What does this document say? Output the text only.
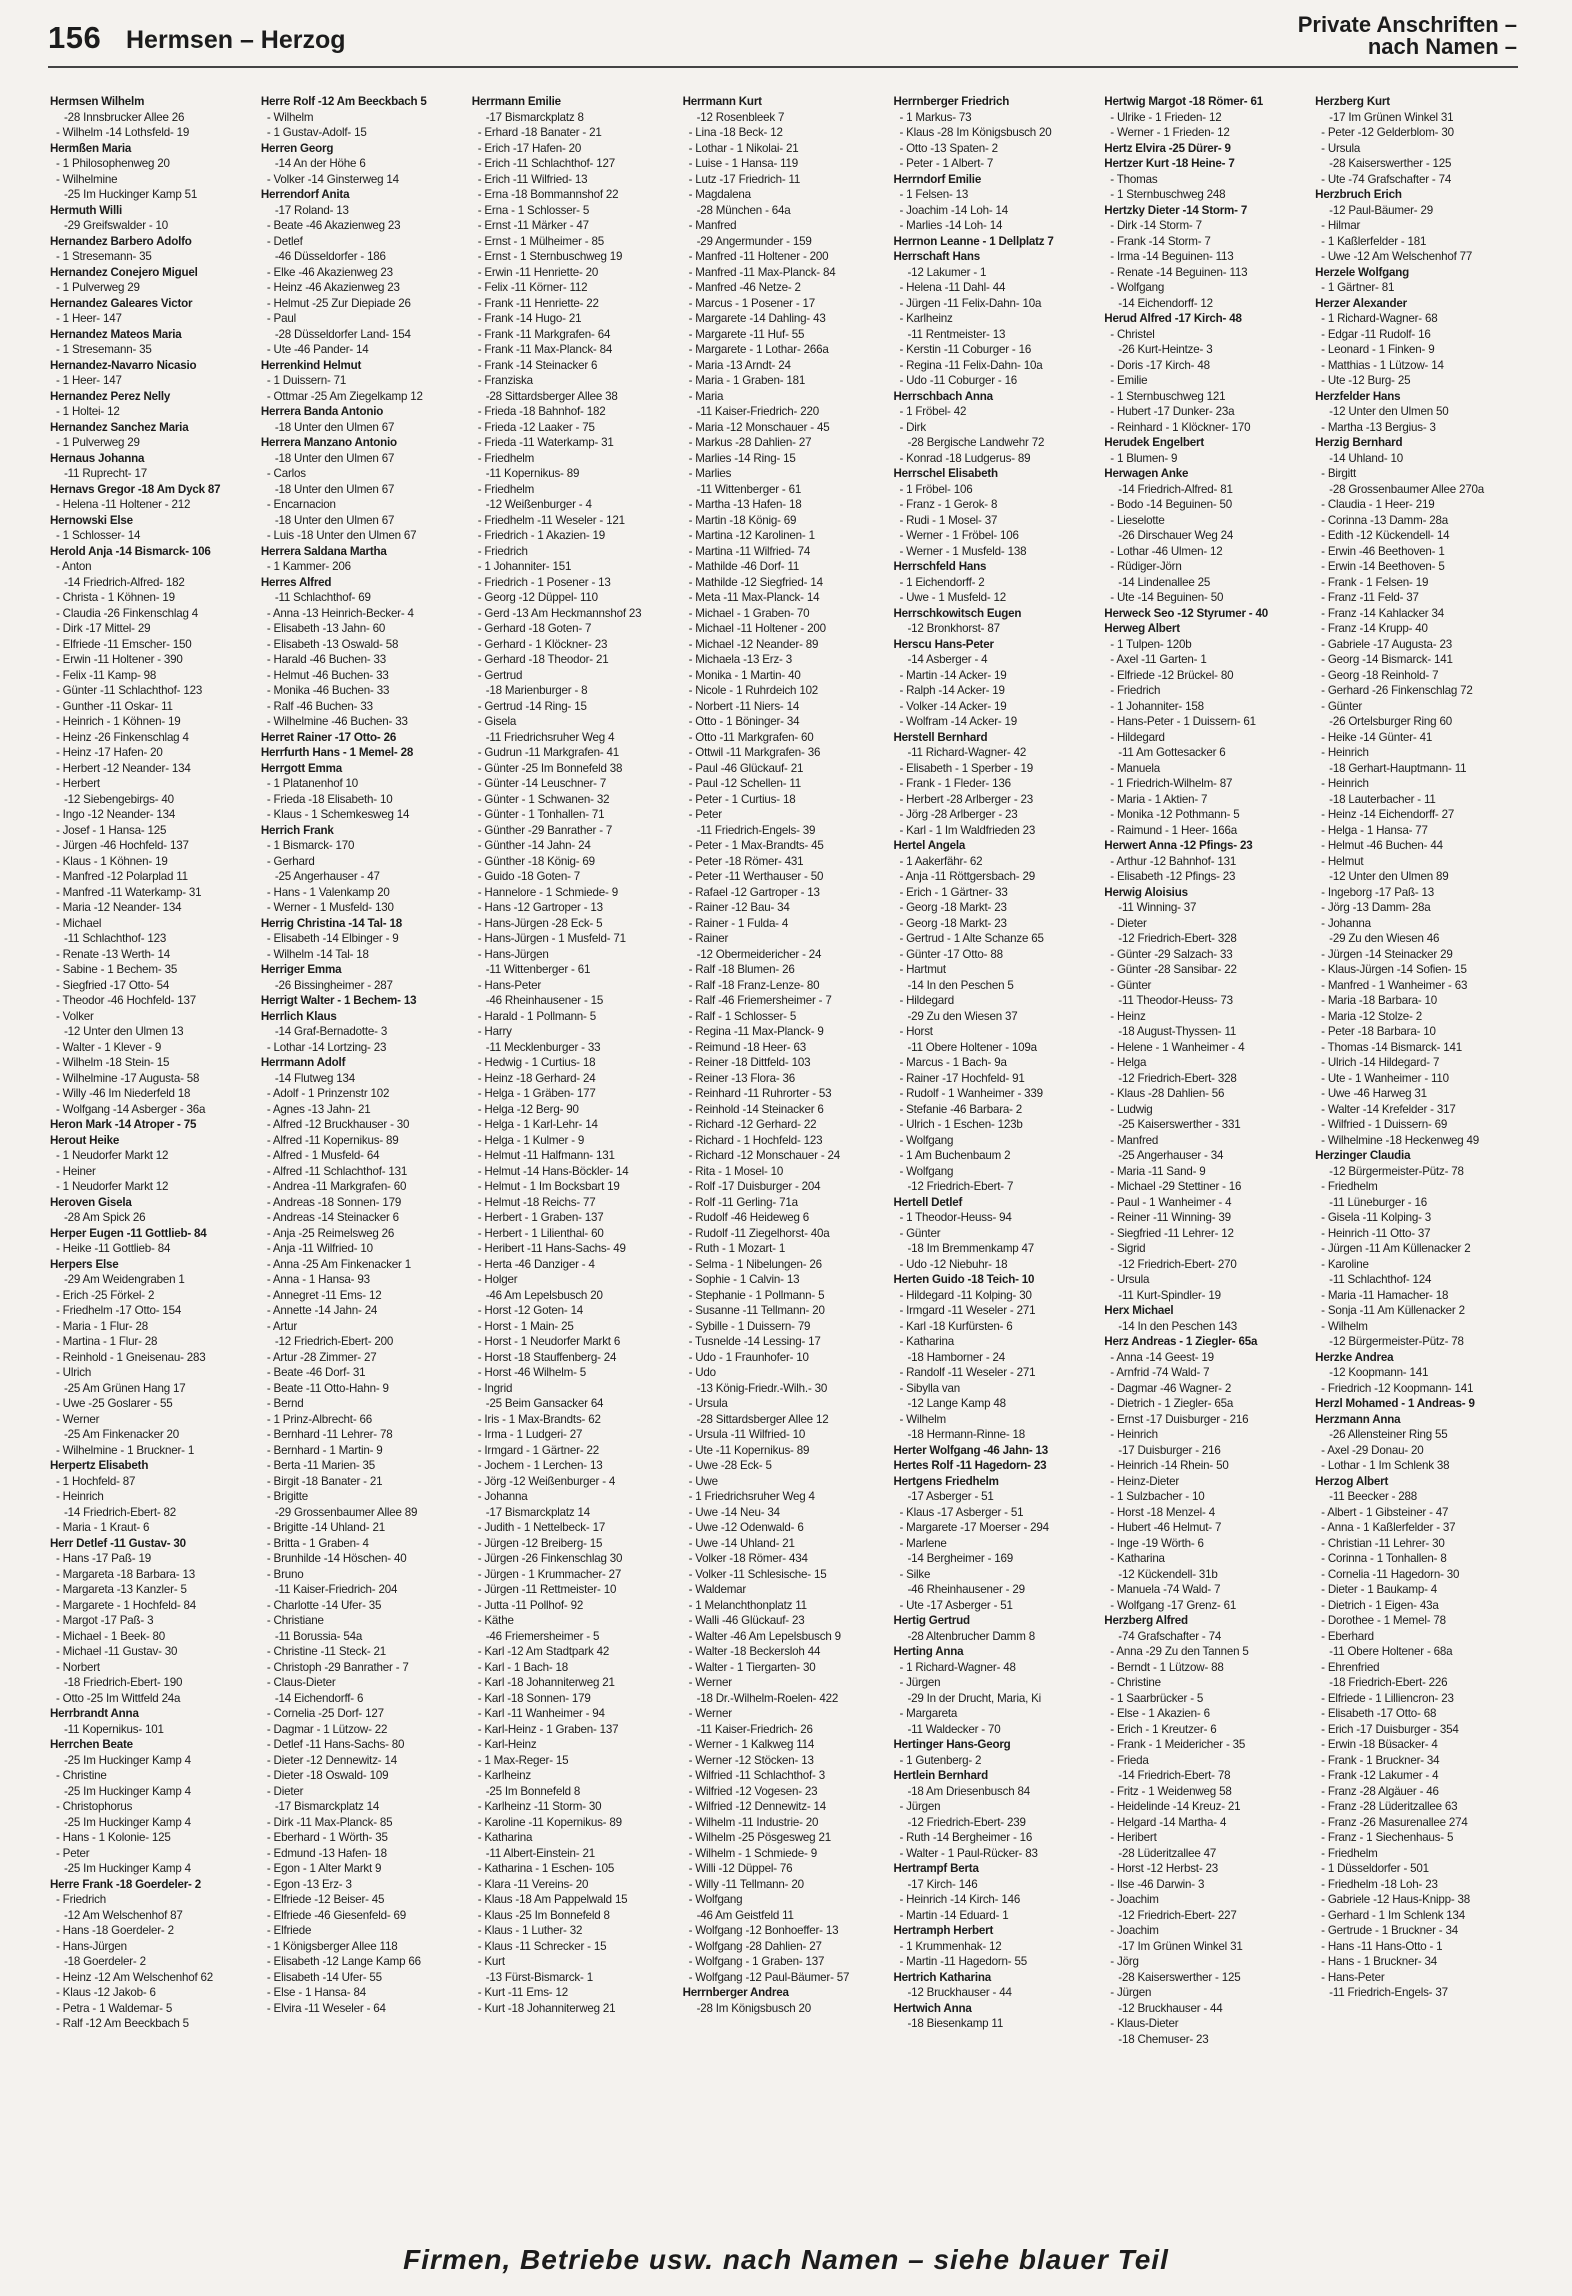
156 Hermsen – Herzog
Private Anschriften – nach Namen –
Hermsen Wilhelm
-28 Innsbrucker Allee 26
- Wilhelm -14 Lothsfeld- 19
Hermßen Maria
- 1 Philosophenweg 20
- Wilhelmine
-25 Im Huckinger Kamp 51
Hermuth Willi
-29 Greifswalder - 10
Hernandez Barbero Adolfo
- 1 Stresemann- 35
Hernandez Conejero Miguel
- 1 Pulverweg 29
Hernandez Galeares Victor
- 1 Heer- 147
Hernandez Mateos Maria
- 1 Stresemann- 35
Hernandez-Navarro Nicasio
- 1 Heer- 147
Hernandez Perez Nelly
- 1 Holtei- 12
Hernandez Sanchez Maria
- 1 Pulverweg 29
Hernaus Johanna
-11 Ruprecht- 17
Hernavs Gregor -18 Am Dyck 87
- Helena -11 Holtener - 212
Hernowski Else
- 1 Schlosser- 14
Herold Anja -14 Bismarck- 106
- Anton
-14 Friedrich-Alfred- 182
- Christa - 1 Köhnen- 19
- Claudia -26 Finkenschlag 4
- Dirk -17 Mittel- 29
- Elfriede -11 Emscher- 150
- Erwin -11 Holtener - 390
- Felix -11 Kamp- 98
- Günter -11 Schlachthof- 123
- Gunther -11 Oskar- 11
- Heinrich - 1 Köhnen- 19
- Heinz -26 Finkenschlag 4
- Heinz -17 Hafen- 20
- Herbert -12 Neander- 134
- Herbert
-12 Siebengebirgs- 40
- Ingo -12 Neander- 134
- Josef - 1 Hansa- 125
- Jürgen -46 Hochfeld- 137
- Klaus - 1 Köhnen- 19
- Manfred -12 Polarplad 11
- Manfred -11 Waterkamp- 31
- Maria -12 Neander- 134
- Michael
-11 Schlachthof- 123
- Renate -13 Werth- 14
- Sabine - 1 Bechem- 35
- Siegfried -17 Otto- 54
- Theodor -46 Hochfeld- 137
- Volker
-12 Unter den Ulmen 13
- Walter - 1 Klever - 9
- Wilhelm -18 Stein- 15
- Wilhelmine -17 Augusta- 58
- Willy -46 Im Niederfeld 18
- Wolfgang -14 Asberger - 36a
Heron Mark -14 Atroper - 75
Herout Heike
- 1 Neudorfer Markt 12
- Heiner
- 1 Neudorfer Markt 12
Heroven Gisela
-28 Am Spick 26
Herper Eugen -11 Gottlieb- 84
- Heike -11 Gottlieb- 84
Herpers Else
-29 Am Weidengraben 1
- Erich -25 Förkel- 2
- Friedhelm -17 Otto- 154
- Maria - 1 Flur- 28
- Martina - 1 Flur- 28
- Reinhold - 1 Gneisenau- 283
- Ulrich
-25 Am Grünen Hang 17
- Uwe -25 Goslarer - 55
- Werner
-25 Am Finkenacker 20
- Wilhelmine - 1 Bruckner- 1
Herpertz Elisabeth
- 1 Hochfeld- 87
- Heinrich
-14 Friedrich-Ebert- 82
- Maria - 1 Kraut- 6
Herr Detlef -11 Gustav- 30
- Hans -17 Paß- 19
- Margareta -18 Barbara- 13
- Margareta -13 Kanzler- 5
- Margarete - 1 Hochfeld- 84
- Margot -17 Paß- 3
- Michael - 1 Beek- 80
- Michael -11 Gustav- 30
- Norbert
-18 Friedrich-Ebert- 190
- Otto -25 Im Wittfeld 24a
Herrbrandt Anna
-11 Kopernikus- 101
Herrchen Beate
-25 Im Huckinger Kamp 4
- Christine
-25 Im Huckinger Kamp 4
- Christophorus
-25 Im Huckinger Kamp 4
- Hans - 1 Kolonie- 125
- Peter
-25 Im Huckinger Kamp 4
Herre Frank -18 Goerdeler- 2
- Friedrich
-12 Am Welschenhof 87
- Hans -18 Goerdeler- 2
- Hans-Jürgen
-18 Goerdeler- 2
- Heinz -12 Am Welschenhof 62
- Klaus -12 Jakob- 6
- Petra - 1 Waldemar- 5
- Ralf -12 Am Beeckbach 5
Herre Rolf -12 Am Beeckbach 5
- Wilhelm
- 1 Gustav-Adolf- 15
Herren Georg
-14 An der Höhe 6
- Volker -14 Ginsterweg 14
Herrendorf Anita
-17 Roland- 13
- Beate -46 Akazienweg 23
- Detlef
-46 Düsseldorfer - 186
- Elke -46 Akazienweg 23
- Heinz -46 Akazienweg 23
- Helmut -25 Zur Diepiade 26
- Paul
-28 Düsseldorfer Land- 154
- Ute -46 Pander- 14
Herrenkind Helmut
- 1 Duissern- 71
- Ottmar -25 Am Ziegelkamp 12
Herrera Banda Antonio
-18 Unter den Ulmen 67
Herrera Manzano Antonio
-18 Unter den Ulmen 67
- Carlos
-18 Unter den Ulmen 67
- Encarnacion
-18 Unter den Ulmen 67
- Luis -18 Unter den Ulmen 67
Herrera Saldana Martha
- 1 Kammer- 206
Herres Alfred
-11 Schlachthof- 69
- Anna -13 Heinrich-Becker- 4
- Elisabeth -13 Jahn- 60
- Elisabeth -13 Oswald- 58
- Harald -46 Buchen- 33
- Helmut -46 Buchen- 33
- Monika -46 Buchen- 33
- Ralf -46 Buchen- 33
- Wilhelmine -46 Buchen- 33
Herret Rainer -17 Otto- 26
Herrfurth Hans - 1 Memel- 28
Herrgott Emma
- 1 Platanenhof 10
- Frieda -18 Elisabeth- 10
- Klaus - 1 Schemkesweg 14
Herrich Frank
- 1 Bismarck- 170
- Gerhard
-25 Angerhauser - 47
- Hans - 1 Valenkamp 20
- Werner - 1 Musfeld- 130
Herrig Christina -14 Tal- 18
- Elisabeth -14 Elbinger - 9
- Wilhelm -14 Tal- 18
Herriger Emma
-26 Bissingheimer - 287
Herrigt Walter - 1 Bechem- 13
Herrlich Klaus
-14 Graf-Bernadotte- 3
- Lothar -14 Lortzing- 23
Herrmann Adolf
-14 Flutweg 134
- Adolf - 1 Prinzenstr 102
- Agnes -13 Jahn- 21
- Alfred -12 Bruckhauser - 30
- Alfred -11 Kopernikus- 89
- Alfred - 1 Musfeld- 64
- Alfred -11 Schlachthof- 131
- Andrea -11 Markgrafen- 60
- Andreas -18 Sonnen- 179
- Andreas -14 Steinacker 6
- Anja -25 Reimelsweg 26
- Anja -11 Wilfried- 10
- Anna -25 Am Finkenacker 1
- Anna - 1 Hansa- 93
- Annegret -11 Ems- 12
- Annette -14 Jahn- 24
- Artur
-12 Friedrich-Ebert- 200
- Artur -28 Zimmer- 27
- Beate -46 Dorf- 31
- Beate -11 Otto-Hahn- 9
- Bernd
- 1 Prinz-Albrecht- 66
- Bernhard -11 Lehrer- 78
- Bernhard - 1 Martin- 9
- Berta -11 Marien- 35
- Birgit -18 Banater - 21
- Brigitte
-29 Grossenbaumer Allee 89
- Brigitte -14 Uhland- 21
- Britta - 1 Graben- 4
- Brunhilde -14 Höschen- 40
- Bruno
-11 Kaiser-Friedrich- 204
- Charlotte -14 Ufer- 35
- Christiane
-11 Borussia- 54a
- Christine -11 Steck- 21
- Christoph -29 Banrather - 7
- Claus-Dieter
-14 Eichendorff- 6
- Cornelia -25 Dorf- 127
- Dagmar - 1 Lützow- 22
- Detlef -11 Hans-Sachs- 80
- Dieter -12 Dennewitz- 14
- Dieter -18 Oswald- 109
- Dieter
-17 Bismarckplatz 14
- Dirk -11 Max-Planck- 85
- Eberhard - 1 Wörth- 35
- Edmund -13 Hafen- 18
- Egon - 1 Alter Markt 9
- Egon -13 Erz- 3
- Elfriede -12 Beiser- 45
- Elfriede -46 Giesenfeld- 69
- Elfriede
- 1 Königsberger Allee 118
- Elisabeth -12 Lange Kamp 66
- Elisabeth -14 Ufer- 55
- Else - 1 Hansa- 84
- Elvira -11 Weseler - 64
Herrmann Emilie
-17 Bismarckplatz 8
- Erhard -18 Banater - 21
- Erich -17 Hafen- 20
- Erich -11 Schlachthof- 127
- Erich -11 Wilfried- 13
- Erna -18 Bommannshof 22
- Erna - 1 Schlosser- 5
- Ernst -11 Märker - 47
- Ernst - 1 Mülheimer - 85
- Ernst - 1 Sternbuschweg 19
- Erwin -11 Henriette- 20
- Felix -11 Körner- 112
- Frank -11 Henriette- 22
- Frank -14 Hugo- 21
- Frank -11 Markgrafen- 64
- Frank -11 Max-Planck- 84
- Frank -14 Steinacker 6
- Franziska
-28 Sittardsberger Allee 38
- Frieda -18 Bahnhof- 182
- Frieda -12 Laaker - 75
- Frieda -11 Waterkamp- 31
- Friedhelm
-11 Kopernikus- 89
- Friedhelm
-12 Weißenburger - 4
- Friedhelm -11 Weseler - 121
- Friedrich - 1 Akazien- 19
- Friedrich
- 1 Johanniter- 151
- Friedrich - 1 Posener - 13
- Georg -12 Düppel- 110
- Gerd -13 Am Heckmannshof 23
- Gerhard -18 Goten- 7
- Gerhard - 1 Klöckner- 23
- Gerhard -18 Theodor- 21
- Gertrud
-18 Marienburger - 8
- Gertrud -14 Ring- 15
- Gisela
-11 Friedrichsruher Weg 4
- Gudrun -11 Markgrafen- 41
- Günter -25 Im Bonnefeld 38
- Günter -14 Leuschner- 7
- Günter - 1 Schwanen- 32
- Günter - 1 Tonhallen- 71
- Günther -29 Banrather - 7
- Günther -14 Jahn- 24
- Günther -18 König- 69
- Guido -18 Goten- 7
- Hannelore - 1 Schmiede- 9
- Hans -12 Gartroper - 13
- Hans-Jürgen -28 Eck- 5
- Hans-Jürgen - 1 Musfeld- 71
- Hans-Jürgen
-11 Wittenberger - 61
- Hans-Peter
-46 Rheinhausener - 15
- Harald - 1 Pollmann- 5
- Harry
-11 Mecklenburger - 33
- Hedwig - 1 Curtius- 18
- Heinz -18 Gerhard- 24
- Helga - 1 Gräben- 177
- Helga -12 Berg- 90
- Helga - 1 Karl-Lehr- 14
- Helga - 1 Kulmer - 9
- Helmut -11 Halfmann- 131
- Helmut -14 Hans-Böckler- 14
- Helmut - 1 Im Bocksbart 19
- Helmut -18 Reichs- 77
- Herbert - 1 Graben- 137
- Herbert - 1 Lilienthal- 60
- Heribert -11 Hans-Sachs- 49
- Herta -46 Danziger - 4
- Holger
-46 Am Lepelsbusch 20
- Horst -12 Goten- 14
- Horst - 1 Main- 25
- Horst - 1 Neudorfer Markt 6
- Horst -18 Stauffenberg- 24
- Horst -46 Wilhelm- 5
- Ingrid
-25 Beim Gansacker 64
- Iris - 1 Max-Brandts- 62
- Irma - 1 Ludgeri- 27
- Irmgard - 1 Gärtner- 22
- Jochem - 1 Lerchen- 13
- Jörg -12 Weißenburger - 4
- Johanna
-17 Bismarckplatz 14
- Judith - 1 Nettelbeck- 17
- Jürgen -12 Breiberg- 15
- Jürgen -26 Finkenschlag 30
- Jürgen - 1 Krummacher- 27
- Jürgen -11 Rettmeister- 10
- Jutta -11 Pollhof- 92
- Käthe
-46 Friemersheimer - 5
- Karl -12 Am Stadtpark 42
- Karl - 1 Bach- 18
- Karl -18 Johanniterweg 21
- Karl -18 Sonnen- 179
- Karl -11 Wanheimer - 94
- Karl-Heinz - 1 Graben- 137
- Karl-Heinz
- 1 Max-Reger- 15
- Karlheinz
-25 Im Bonnefeld 8
- Karlheinz -11 Storm- 30
- Karoline -11 Kopernikus- 89
- Katharina
-11 Albert-Einstein- 21
- Katharina - 1 Eschen- 105
- Klara -11 Vereins- 20
- Klaus -18 Am Pappelwald 15
- Klaus -25 Im Bonnefeld 8
- Klaus - 1 Luther- 32
- Klaus -11 Schrecker - 15
- Kurt
-13 Fürst-Bismarck- 1
- Kurt -11 Ems- 12
- Kurt -18 Johanniterweg 21
Herrmann Kurt
-12 Rosenbleek 7
- Lina -18 Beck- 12
- Lothar - 1 Nikolai- 21
- Luise - 1 Hansa- 119
- Lutz -17 Friedrich- 11
- Magdalena
-28 München - 64a
- Manfred
-29 Angermunder - 159
- Manfred -11 Holtener - 200
- Manfred -11 Max-Planck- 84
- Manfred -46 Netze- 2
- Marcus - 1 Posener - 17
- Margarete -14 Dahling- 43
- Margarete -11 Huf- 55
- Margarete - 1 Lothar- 266a
- Maria -13 Arndt- 24
- Maria - 1 Graben- 181
- Maria
-11 Kaiser-Friedrich- 220
- Maria -12 Monschauer - 45
- Markus -28 Dahlien- 27
- Marlies -14 Ring- 15
- Marlies
-11 Wittenberger - 61
- Martha -13 Hafen- 18
- Martin -18 König- 69
- Martina -12 Karolinen- 1
- Martina -11 Wilfried- 74
- Mathilde -46 Dorf- 11
- Mathilde -12 Siegfried- 14
- Meta -11 Max-Planck- 14
- Michael - 1 Graben- 70
- Michael -11 Holtener - 200
- Michael -12 Neander- 89
- Michaela -13 Erz- 3
- Monika - 1 Martin- 40
- Nicole - 1 Ruhrdeich 102
- Norbert -11 Niers- 14
- Otto - 1 Böninger- 34
- Otto -11 Markgrafen- 60
- Ottwil -11 Markgrafen- 36
- Paul -46 Glückauf- 21
- Paul -12 Schellen- 11
- Peter - 1 Curtius- 18
- Peter
-11 Friedrich-Engels- 39
- Peter - 1 Max-Brandts- 45
- Peter -18 Römer- 431
- Peter -11 Werthauser - 50
- Rafael -12 Gartroper - 13
- Rainer -12 Bau- 34
- Rainer - 1 Fulda- 4
- Rainer
-12 Obermeidericher - 24
- Ralf -18 Blumen- 26
- Ralf -18 Franz-Lenze- 80
- Ralf -46 Friemersheimer - 7
- Ralf - 1 Schlosser- 5
- Regina -11 Max-Planck- 9
- Reimund -18 Heer- 63
- Reiner -18 Dittfeld- 103
- Reiner -13 Flora- 36
- Reinhard -11 Ruhrorter - 53
- Reinhold -14 Steinacker 6
- Richard -12 Gerhard- 22
- Richard - 1 Hochfeld- 123
- Richard -12 Monschauer - 24
- Rita - 1 Mosel- 10
- Rolf -17 Duisburger - 204
- Rolf -11 Gerling- 71a
- Rudolf -46 Heideweg 6
- Rudolf -11 Ziegelhorst- 40a
- Ruth - 1 Mozart- 1
- Selma - 1 Nibelungen- 26
- Sophie - 1 Calvin- 13
- Stephanie - 1 Pollmann- 5
- Susanne -11 Tellmann- 20
- Sybille - 1 Duissern- 79
- Tusnelde -14 Lessing- 17
- Udo - 1 Fraunhofer- 10
- Udo
-13 König-Friedr.-Wilh.- 30
- Ursula
-28 Sittardsberger Allee 12
- Ursula -11 Wilfried- 10
- Ute -11 Kopernikus- 89
- Uwe -28 Eck- 5
- Uwe
- 1 Friedrichsruher Weg 4
- Uwe -14 Neu- 34
- Uwe -12 Odenwald- 6
- Uwe -14 Uhland- 21
- Volker -18 Römer- 434
- Volker -11 Schlesische- 15
- Waldemar
- 1 Melanchthonplatz 11
- Walli -46 Glückauf- 23
- Walter -46 Am Lepelsbusch 9
- Walter -18 Beckersloh 44
- Walter - 1 Tiergarten- 30
- Werner
-18 Dr.-Wilhelm-Roelen- 422
- Werner
-11 Kaiser-Friedrich- 26
- Werner - 1 Kalkweg 114
- Werner -12 Stöcken- 13
- Wilfried -11 Schlachthof- 3
- Wilfried -12 Vogesen- 23
- Wilfried -12 Dennewitz- 14
- Wilhelm -11 Industrie- 20
- Wilhelm -25 Pösgesweg 21
- Wilhelm - 1 Schmiede- 9
- Willi -12 Düppel- 76
- Willy -11 Tellmann- 20
- Wolfgang
-46 Am Geistfeld 11
- Wolfgang -12 Bonhoeffer- 13
- Wolfgang -28 Dahlien- 27
- Wolfgang - 1 Graben- 137
- Wolfgang -12 Paul-Bäumer- 57
Herrnberger Andrea
-28 Im Königsbusch 20
Herrnberger Friedrich
- 1 Markus- 73
- Klaus -28 Im Königsbusch 20
- Otto -13 Spaten- 2
- Peter - 1 Albert- 7
Herrndorf Emilie
- 1 Felsen- 13
- Joachim -14 Loh- 14
- Marlies -14 Loh- 14
Herrnon Leanne - 1 Dellplatz 7
Herrschaft Hans
-12 Lakumer - 1
- Helena -11 Dahl- 44
- Jürgen -11 Felix-Dahn- 10a
- Karlheinz
-11 Rentmeister- 13
- Kerstin -11 Coburger - 16
- Regina -11 Felix-Dahn- 10a
- Udo -11 Coburger - 16
Herrschbach Anna
- 1 Fröbel- 42
- Dirk
-28 Bergische Landwehr 72
- Konrad -18 Ludgerus- 89
Herrschel Elisabeth
- 1 Fröbel- 106
- Franz - 1 Gerok- 8
- Rudi - 1 Mosel- 37
- Werner - 1 Fröbel- 106
- Werner - 1 Musfeld- 138
Herrschfeld Hans
- 1 Eichendorff- 2
- Uwe - 1 Musfeld- 12
Herrschkowitsch Eugen
-12 Bronkhorst- 87
Herscu Hans-Peter
-14 Asberger - 4
- Martin -14 Acker- 19
- Ralph -14 Acker- 19
- Volker -14 Acker- 19
- Wolfram -14 Acker- 19
Herstell Bernhard
-11 Richard-Wagner- 42
- Elisabeth - 1 Sperber - 19
- Frank - 1 Fleder- 136
- Herbert -28 Arlberger - 23
- Jörg -28 Arlberger - 23
- Karl - 1 Im Waldfrieden 23
Hertel Angela
- 1 Aakerfähr- 62
- Anja -11 Röttgersbach- 29
- Erich - 1 Gärtner- 33
- Georg -18 Markt- 23
- Georg -18 Markt- 23
- Gertrud - 1 Alte Schanze 65
- Günter -17 Otto- 88
- Hartmut
-14 In den Peschen 5
- Hildegard
-29 Zu den Wiesen 37
- Horst
-11 Obere Holtener - 109a
- Marcus - 1 Bach- 9a
- Rainer -17 Hochfeld- 91
- Rudolf - 1 Wanheimer - 339
- Stefanie -46 Barbara- 2
- Ulrich - 1 Eschen- 123b
- Wolfgang
- 1 Am Buchenbaum 2
- Wolfgang
-12 Friedrich-Ebert- 7
Hertell Detlef
- 1 Theodor-Heuss- 94
- Günter
-18 Im Bremmenkamp 47
- Udo -12 Niebuhr- 18
Herten Guido -18 Teich- 10
- Hildegard -11 Kolping- 30
- Irmgard -11 Weseler - 271
- Karl -18 Kurfürsten- 6
- Katharina
-18 Hamborner - 24
- Randolf -11 Weseler - 271
- Sibylla van
-12 Lange Kamp 48
- Wilhelm
-18 Hermann-Rinne- 18
Herter Wolfgang -46 Jahn- 13
Hertes Rolf -11 Hagedorn- 23
Hertgens Friedhelm
-17 Asberger - 51
- Klaus -17 Asberger - 51
- Margarete -17 Moerser - 294
- Marlene
-14 Bergheimer - 169
- Silke
-46 Rheinhausener - 29
- Ute -17 Asberger - 51
Hertig Gertrud
-28 Altenbrucher Damm 8
Herting Anna
- 1 Richard-Wagner- 48
- Jürgen
-29 In der Drucht, Maria, Ki
- Margareta
-11 Waldecker - 70
Hertinger Hans-Georg
- 1 Gutenberg- 2
Hertlein Bernhard
-18 Am Driesenbusch 84
- Jürgen
-12 Friedrich-Ebert- 239
- Ruth -14 Bergheimer - 16
- Walter - 1 Paul-Rücker- 83
Hertrampf Berta
-17 Kirch- 146
- Heinrich -14 Kirch- 146
- Martin -14 Eduard- 1
Hertramph Herbert
- 1 Krummenhak- 12
- Martin -11 Hagedorn- 55
Hertrich Katharina
-12 Bruckhauser - 44
Hertwich Anna
-18 Biesenkamp 11
Hertwig Margot -18 Römer- 61
- Ulrike - 1 Frieden- 12
- Werner - 1 Frieden- 12
Hertz Elvira -25 Dürer- 9
Hertzer Kurt -18 Heine- 7
- Thomas
- 1 Sternbuschweg 248
Hertzky Dieter -14 Storm- 7
- Dirk -14 Storm- 7
- Frank -14 Storm- 7
- Irma -14 Beguinen- 113
- Renate -14 Beguinen- 113
- Wolfgang
-14 Eichendorff- 12
Herud Alfred -17 Kirch- 48
- Christel
-26 Kurt-Heintze- 3
- Doris -17 Kirch- 48
- Emilie
- 1 Sternbuschweg 121
- Hubert -17 Dunker- 23a
- Reinhard - 1 Klöckner- 170
Herudek Engelbert
- 1 Blumen- 9
Herwagen Anke
-14 Friedrich-Alfred- 81
- Bodo -14 Beguinen- 50
- Lieselotte
-26 Dirschauer Weg 24
- Lothar -46 Ulmen- 12
- Rüdiger-Jörn
-14 Lindenallee 25
- Ute -14 Beguinen- 50
Herweck Seo -12 Styrumer - 40
Herweg Albert
- 1 Tulpen- 120b
- Axel -11 Garten- 1
- Elfriede -12 Brückel- 80
- Friedrich
- 1 Johanniter- 158
- Hans-Peter - 1 Duissern- 61
- Hildegard
-11 Am Gottesacker 6
- Manuela
- 1 Friedrich-Wilhelm- 87
- Maria - 1 Aktien- 7
- Monika -12 Pothmann- 5
- Raimund - 1 Heer- 166a
Herwert Anna -12 Pfings- 23
- Arthur -12 Bahnhof- 131
- Elisabeth -12 Pfings- 23
Herwig Aloisius
-11 Winning- 37
- Dieter
-12 Friedrich-Ebert- 328
- Günter -29 Salzach- 33
- Günter -28 Sansibar- 22
- Günter
-11 Theodor-Heuss- 73
- Heinz
-18 August-Thyssen- 11
- Helene - 1 Wanheimer - 4
- Helga
-12 Friedrich-Ebert- 328
- Klaus -28 Dahlien- 56
- Ludwig
-25 Kaiserswerther - 331
- Manfred
-25 Angerhauser - 34
- Maria -11 Sand- 9
- Michael -29 Stettiner - 16
- Paul - 1 Wanheimer - 4
- Reiner -11 Winning- 39
- Siegfried -11 Lehrer- 12
- Sigrid
-12 Friedrich-Ebert- 270
- Ursula
-11 Kurt-Spindler- 19
Herx Michael
-14 In den Peschen 143
Herz Andreas - 1 Ziegler- 65a
- Anna -14 Geest- 19
- Arnfrid -74 Wald- 7
- Dagmar -46 Wagner- 2
- Dietrich - 1 Ziegler- 65a
- Ernst -17 Duisburger - 216
- Heinrich
-17 Duisburger - 216
- Heinrich -14 Rhein- 50
- Heinz-Dieter
- 1 Sulzbacher - 10
- Horst -18 Menzel- 4
- Hubert -46 Helmut- 7
- Inge -19 Wörth- 6
- Katharina
-12 Kückendell- 31b
- Manuela -74 Wald- 7
- Wolfgang -17 Grenz- 61
Herzberg Alfred
-74 Grafschafter - 74
- Anna -29 Zu den Tannen 5
- Berndt - 1 Lützow- 88
- Christine
- 1 Saarbrücker - 5
- Else - 1 Akazien- 6
- Erich - 1 Kreutzer- 6
- Frank - 1 Meidericher - 35
- Frieda
-14 Friedrich-Ebert- 78
- Fritz - 1 Weidenweg 58
- Heidelinde -14 Kreuz- 21
- Helgard -14 Martha- 4
- Heribert
-28 Lüderitzallee 47
- Horst -12 Herbst- 23
- Ilse -46 Darwin- 3
- Joachim
-12 Friedrich-Ebert- 227
- Joachim
-17 Im Grünen Winkel 31
- Jörg
-28 Kaiserswerther - 125
- Jürgen
-12 Bruckhauser - 44
- Klaus-Dieter
-18 Chemuser- 23
Herzberg Kurt
-17 Im Grünen Winkel 31
- Peter -12 Gelderblom- 30
- Ursula
-28 Kaiserswerther - 125
- Ute -74 Grafschafter - 74
Herzbruch Erich
-12 Paul-Bäumer- 29
- Hilmar
- 1 Kaßlerfelder - 181
- Uwe -12 Am Welschenhof 77
Herzele Wolfgang
- 1 Gärtner- 81
Herzer Alexander
- 1 Richard-Wagner- 68
- Edgar -11 Rudolf- 16
- Leonard - 1 Finken- 9
- Matthias - 1 Lützow- 14
- Ute -12 Burg- 25
Herzfelder Hans
-12 Unter den Ulmen 50
- Martha -13 Bergius- 3
Herzig Bernhard
-14 Uhland- 10
- Birgitt
-28 Grossenbaumer Allee 270a
- Claudia - 1 Heer- 219
- Corinna -13 Damm- 28a
- Edith -12 Kückendell- 14
- Erwin -46 Beethoven- 1
- Erwin -14 Beethoven- 5
- Frank - 1 Felsen- 19
- Franz -11 Feld- 37
- Franz -14 Kahlacker 34
- Franz -14 Krupp- 40
- Gabriele -17 Augusta- 23
- Georg -14 Bismarck- 141
- Georg -18 Reinhold- 7
- Gerhard -26 Finkenschlag 72
- Günter
-26 Ortelsburger Ring 60
- Heike -14 Günter- 41
- Heinrich
-18 Gerhart-Hauptmann- 11
- Heinrich
-18 Lauterbacher - 11
- Heinz -14 Eichendorff- 27
- Helga - 1 Hansa- 77
- Helmut -46 Buchen- 44
- Helmut
-12 Unter den Ulmen 89
- Ingeborg -17 Paß- 13
- Jörg -13 Damm- 28a
- Johanna
-29 Zu den Wiesen 46
- Jürgen -14 Steinacker 29
- Klaus-Jürgen -14 Sofien- 15
- Manfred - 1 Wanheimer - 63
- Maria -18 Barbara- 10
- Maria -12 Stolze- 2
- Peter -18 Barbara- 10
- Thomas -14 Bismarck- 141
- Ulrich -14 Hildegard- 7
- Ute - 1 Wanheimer - 110
- Uwe -46 Harweg 31
- Walter -14 Krefelder - 317
- Wilfried - 1 Duissern- 69
- Wilhelmine -18 Heckenweg 49
Herzinger Claudia
-12 Bürgermeister-Pütz- 78
- Friedhelm
-11 Lüneburger - 16
- Gisela -11 Kolping- 3
- Heinrich -11 Otto- 37
- Jürgen -11 Am Küllenacker 2
- Karoline
-11 Schlachthof- 124
- Maria -11 Hamacher- 18
- Sonja -11 Am Küllenacker 2
- Wilhelm
-12 Bürgermeister-Pütz- 78
Herzke Andrea
-12 Koopmann- 141
- Friedrich -12 Koopmann- 141
Herzl Mohamed - 1 Andreas- 9
Herzmann Anna
-26 Allensteiner Ring 55
- Axel -29 Donau- 20
- Lothar - 1 Im Schlenk 38
Herzog Albert
-11 Beecker - 288
- Albert - 1 Gibsteiner - 47
- Anna - 1 Kaßlerfelder - 37
- Christian -11 Lehrer- 30
- Corinna - 1 Tonhallen- 8
- Cornelia -11 Hagedorn- 30
- Dieter - 1 Baukamp- 4
- Dietrich - 1 Eigen- 43a
- Dorothee - 1 Memel- 78
- Eberhard
-11 Obere Holtener - 68a
- Ehrenfried
-18 Friedrich-Ebert- 226
- Elfriede - 1 Lilliencron- 23
- Elisabeth -17 Otto- 68
- Erich -17 Duisburger - 354
- Erwin -18 Büsacker- 4
- Frank - 1 Bruckner- 34
- Frank -12 Lakumer - 4
- Franz -28 Algäuer - 46
- Franz -28 Lüderitzallee 63
- Franz -26 Masurenallee 274
- Franz - 1 Siechenhaus- 5
- Friedhelm
- 1 Düsseldorfer - 501
- Friedhelm -18 Loh- 23
- Gabriele -12 Haus-Knipp- 38
- Gerhard - 1 Im Schlenk 134
- Gertrude - 1 Bruckner - 34
- Hans -11 Hans-Otto - 1
- Hans - 1 Bruckner- 34
- Hans-Peter
-11 Friedrich-Engels- 37
Firmen, Betriebe usw. nach Namen – siehe blauer Teil
